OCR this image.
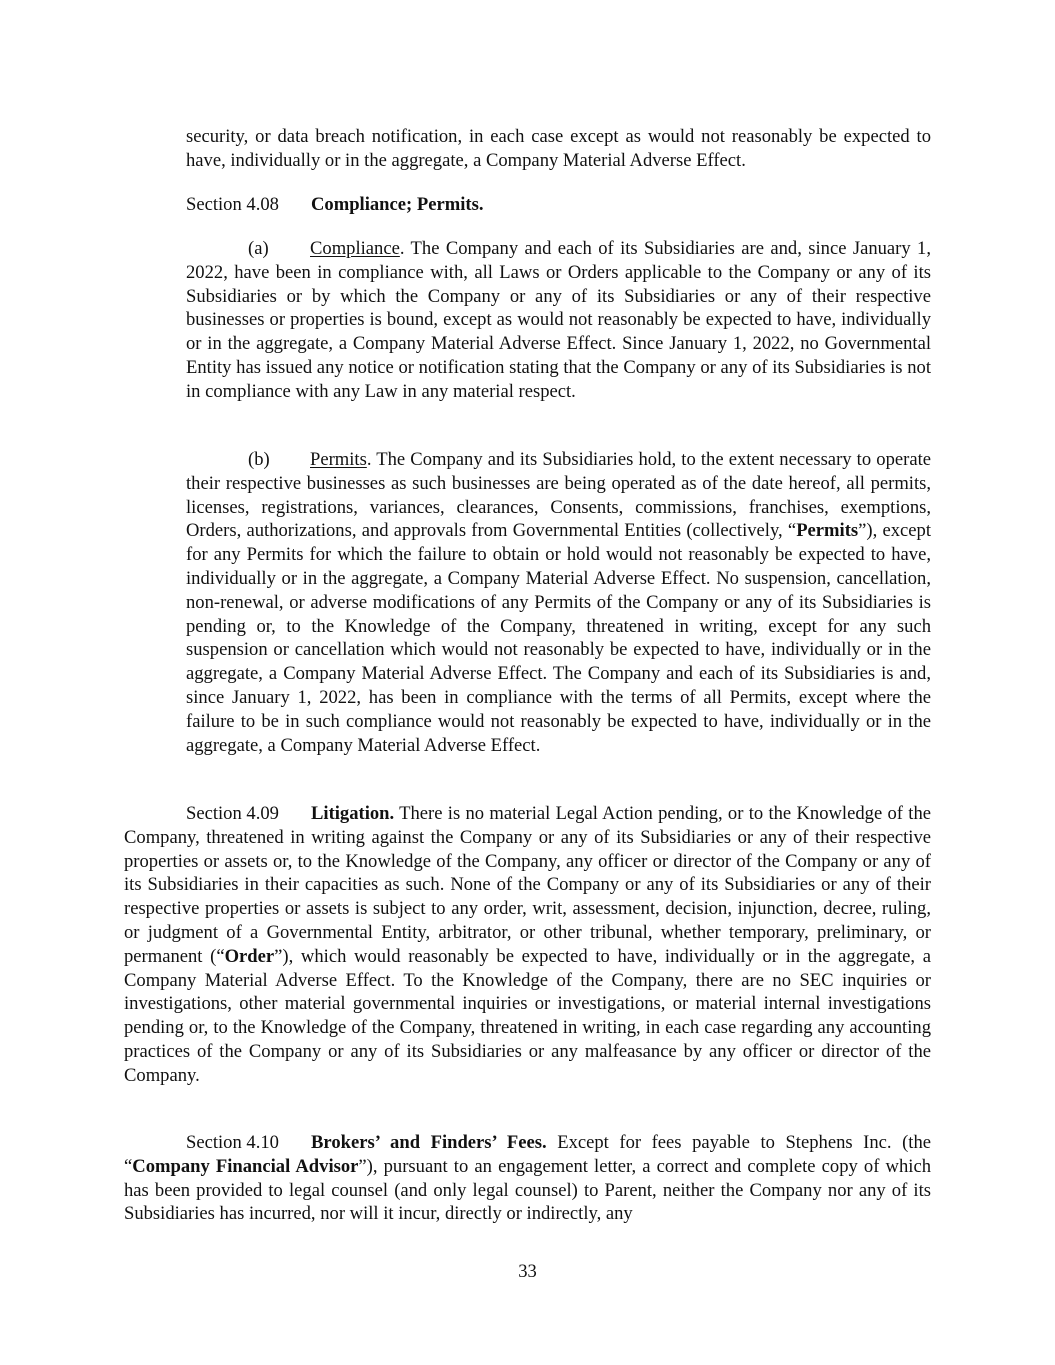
security, or data breach notification, in each case except as would not reasonably be expected to have, individually or in the aggregate, a Company Material Adverse Effect.

Section 4.08 Compliance; Permits.

(a) Compliance. The Company and each of its Subsidiaries are and, since January 1, 2022, have been in compliance with, all Laws or Orders applicable to the Company or any of its Subsidiaries or by which the Company or any of its Subsidiaries or any of their respective businesses or properties is bound, except as would not reasonably be expected to have, individually or in the aggregate, a Company Material Adverse Effect. Since January 1, 2022, no Governmental Entity has issued any notice or notification stating that the Company or any of its Subsidiaries is not in compliance with any Law in any material respect.

(b) Permits. The Company and its Subsidiaries hold, to the extent necessary to operate their respective businesses as such businesses are being operated as of the date hereof, all permits, licenses, registrations, variances, clearances, Consents, commissions, franchises, exemptions, Orders, authorizations, and approvals from Governmental Entities (collectively, “Permits”), except for any Permits for which the failure to obtain or hold would not reasonably be expected to have, individually or in the aggregate, a Company Material Adverse Effect. No suspension, cancellation, non-renewal, or adverse modifications of any Permits of the Company or any of its Subsidiaries is pending or, to the Knowledge of the Company, threatened in writing, except for any such suspension or cancellation which would not reasonably be expected to have, individually or in the aggregate, a Company Material Adverse Effect. The Company and each of its Subsidiaries is and, since January 1, 2022, has been in compliance with the terms of all Permits, except where the failure to be in such compliance would not reasonably be expected to have, individually or in the aggregate, a Company Material Adverse Effect.

Section 4.09 Litigation. There is no material Legal Action pending, or to the Knowledge of the Company, threatened in writing against the Company or any of its Subsidiaries or any of their respective properties or assets or, to the Knowledge of the Company, any officer or director of the Company or any of its Subsidiaries in their capacities as such. None of the Company or any of its Subsidiaries or any of their respective properties or assets is subject to any order, writ, assessment, decision, injunction, decree, ruling, or judgment of a Governmental Entity, arbitrator, or other tribunal, whether temporary, preliminary, or permanent (“Order”), which would reasonably be expected to have, individually or in the aggregate, a Company Material Adverse Effect. To the Knowledge of the Company, there are no SEC inquiries or investigations, other material governmental inquiries or investigations, or material internal investigations pending or, to the Knowledge of the Company, threatened in writing, in each case regarding any accounting practices of the Company or any of its Subsidiaries or any malfeasance by any officer or director of the Company.

Section 4.10 Brokers’ and Finders’ Fees. Except for fees payable to Stephens Inc. (the “Company Financial Advisor”), pursuant to an engagement letter, a correct and complete copy of which has been provided to legal counsel (and only legal counsel) to Parent, neither the Company nor any of its Subsidiaries has incurred, nor will it incur, directly or indirectly, any

33
